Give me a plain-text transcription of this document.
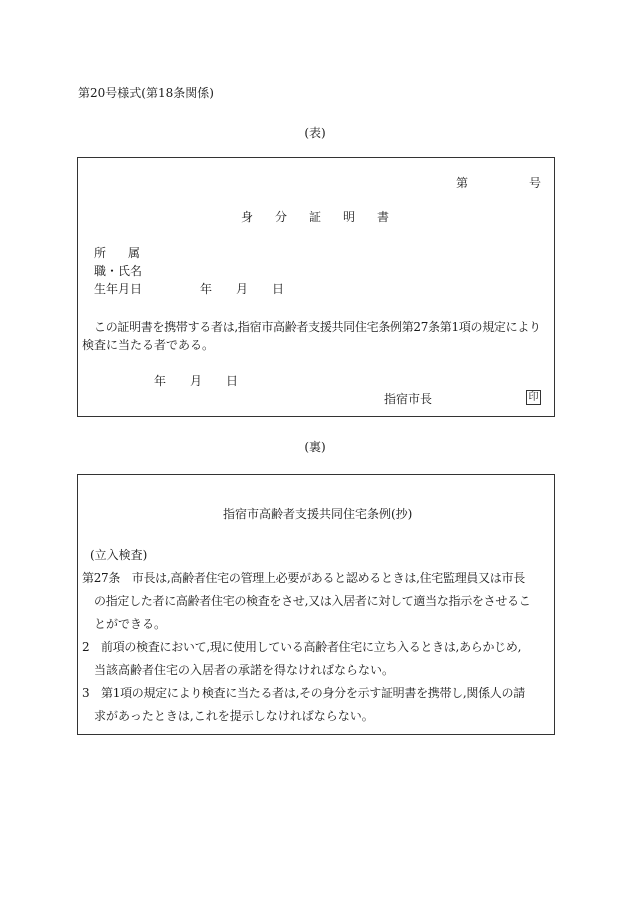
第20号様式(第18条関係)
(表)
第	号
身 分 証 明 書
所 属
職・氏名
生年月日	年 月 日
この証明書を携帯する者は,指宿市高齢者支援共同住宅条例第27条第1項の規定により
検査に当たる者である。
年 月 日
指宿市長	印
(裏)
指宿市高齢者支援共同住宅条例(抄)
(立入検査)
第27条　市長は,高齢者住宅の管理上必要があると認めるときは,住宅監理員又は市長
の指定した者に高齢者住宅の検査をさせ,又は入居者に対して適当な指示をさせるこ
とができる。
2　前項の検査において,現に使用している高齢者住宅に立ち入るときは,あらかじめ,
当該高齢者住宅の入居者の承諾を得なければならない。
3　第1項の規定により検査に当たる者は,その身分を示す証明書を携帯し,関係人の請
求があったときは,これを提示しなければならない。
